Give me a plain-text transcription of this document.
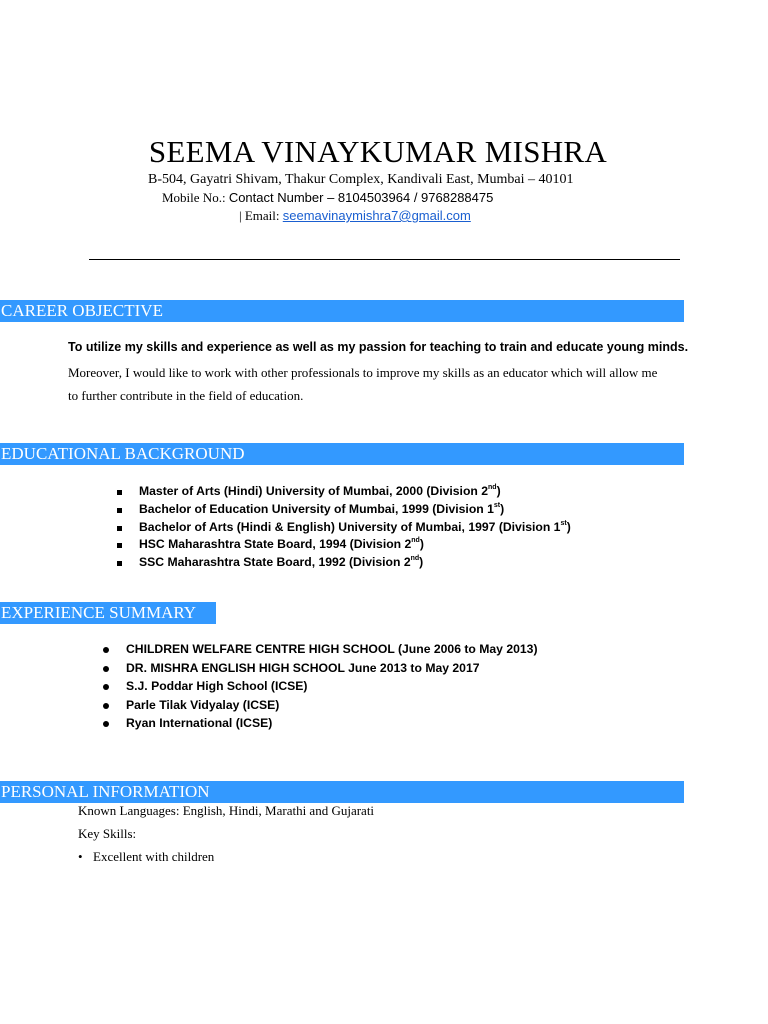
SEEMA VINAYKUMAR MISHRA
B-504, Gayatri Shivam, Thakur Complex, Kandivali East, Mumbai – 40101
Mobile No.: Contact Number – 8104503964 / 9768288475
| Email: seemavinaymishra7@gmail.com
CAREER OBJECTIVE
To utilize my skills and experience as well as my passion for teaching to train and educate young minds.
Moreover, I would like to work with other professionals to improve my skills as an educator which will allow me
to further contribute in the field of education.
EDUCATIONAL BACKGROUND
Master of Arts (Hindi) University of Mumbai, 2000 (Division 2nd)
Bachelor of Education University of Mumbai, 1999 (Division 1st)
Bachelor of Arts (Hindi & English) University of Mumbai, 1997 (Division 1st)
HSC Maharashtra State Board, 1994 (Division 2nd)
SSC Maharashtra State Board, 1992 (Division 2nd)
EXPERIENCE SUMMARY
CHILDREN WELFARE CENTRE HIGH SCHOOL (June 2006 to May 2013)
DR. MISHRA ENGLISH HIGH SCHOOL June 2013 to May 2017
S.J. Poddar High School (ICSE)
Parle Tilak Vidyalay (ICSE)
Ryan International (ICSE)
PERSONAL INFORMATION
Known Languages: English, Hindi, Marathi and Gujarati
Key Skills:
• Excellent with children
